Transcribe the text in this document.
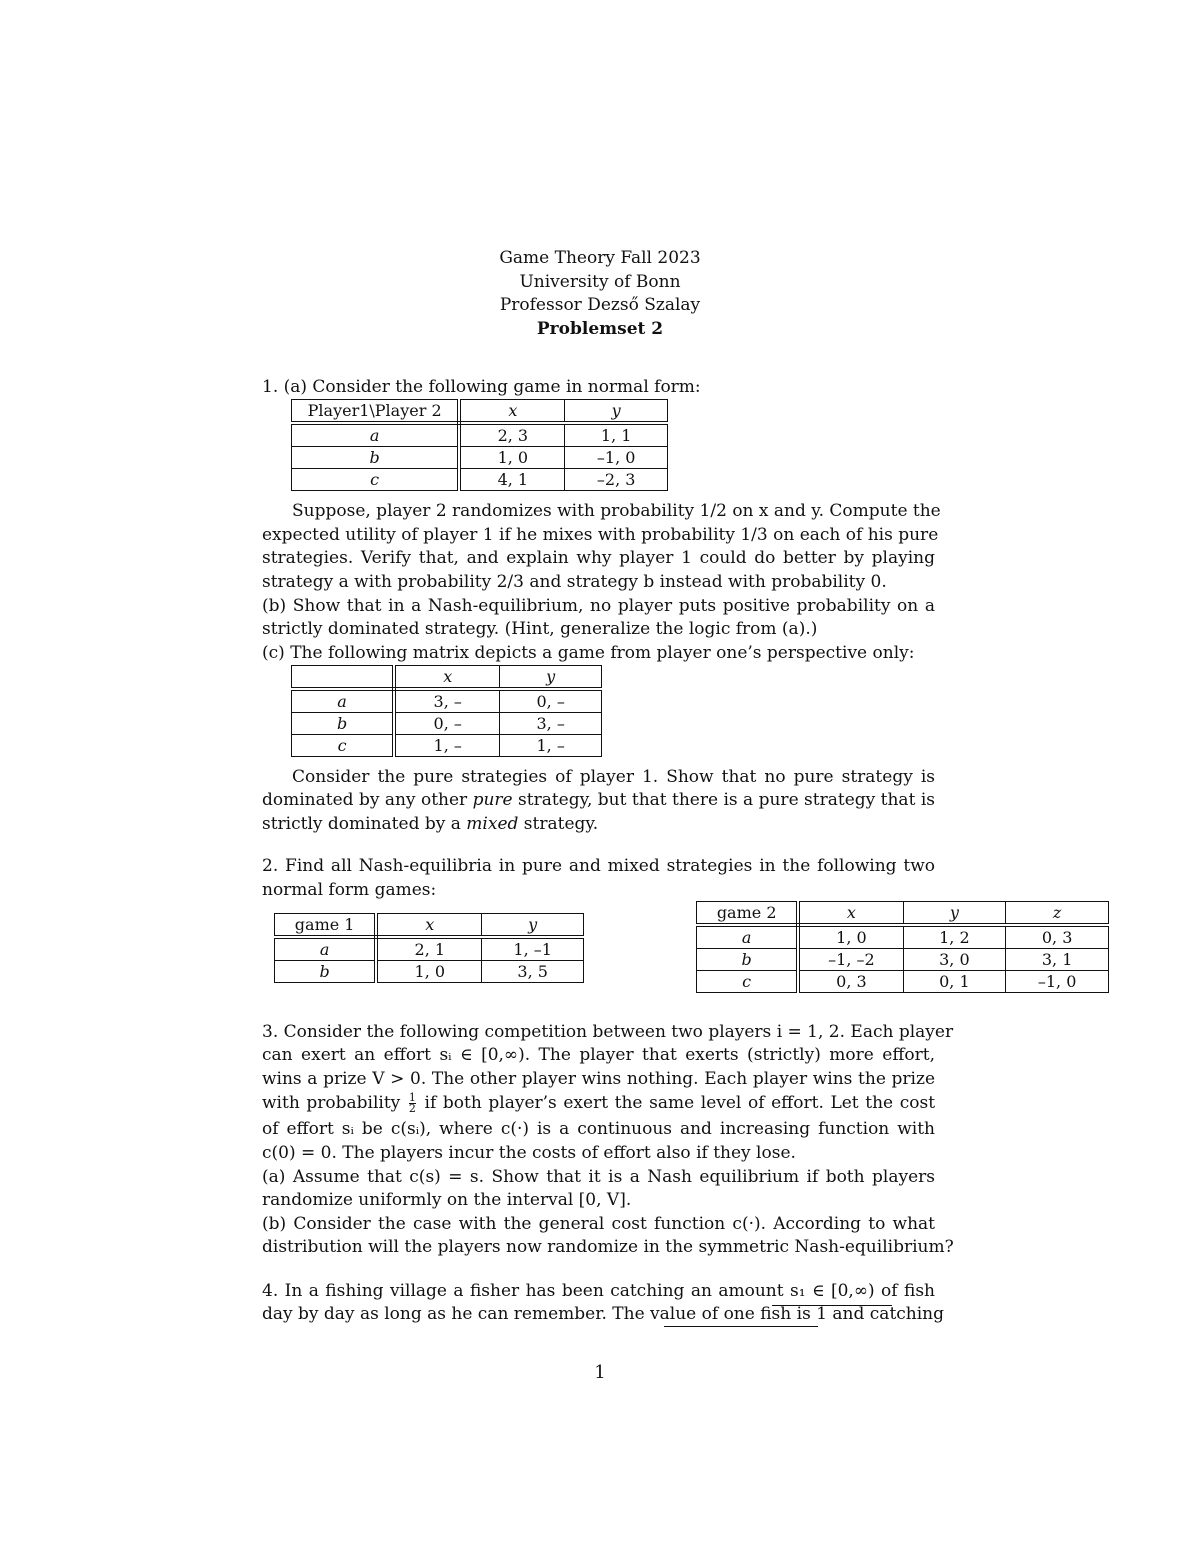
Game Theory Fall 2023
University of Bonn
Professor Dezső Szalay
Problemset 2
1. (a) Consider the following game in normal form:
Player1\Player 2	x	y
a	2, 3	1, 1
b	1, 0	–1, 0
c	4, 1	–2, 3
Suppose, player 2 randomizes with probability 1/2 on x and y. Compute the
expected utility of player 1 if he mixes with probability 1/3 on each of his pure
strategies. Verify that, and explain why player 1 could do better by playing
strategy a with probability 2/3 and strategy b instead with probability 0.
(b) Show that in a Nash-equilibrium, no player puts positive probability on a
strictly dominated strategy. (Hint, generalize the logic from (a).)
(c) The following matrix depicts a game from player one’s perspective only:
	x	y
a	3, –	0, –
b	0, –	3, –
c	1, –	1, –
Consider the pure strategies of player 1. Show that no pure strategy is
dominated by any other pure strategy, but that there is a pure strategy that is
strictly dominated by a mixed strategy.
2. Find all Nash-equilibria in pure and mixed strategies in the following two
normal form games:
game 1	x	y
a	2, 1	1, –1
b	1, 0	3, 5
game 2	x	y	z
a	1, 0	1, 2	0, 3
b	–1, –2	3, 0	3, 1
c	0, 3	0, 1	–1, 0
3. Consider the following competition between two players i = 1, 2. Each player
can exert an effort sᵢ ∈ [0,∞). The player that exerts (strictly) more effort,
wins a prize V > 0. The other player wins nothing. Each player wins the prize
with probability $\frac{1}{2}$ if both player’s exert the same level of effort. Let the cost
of effort sᵢ be c(sᵢ), where c(·) is a continuous and increasing function with
c(0) = 0. The players incur the costs of effort also if they lose.
(a) Assume that c(s) = s. Show that it is a Nash equilibrium if both players
randomize uniformly on the interval [0, V].
(b) Consider the case with the general cost function c(·). According to what
distribution will the players now randomize in the symmetric Nash-equilibrium?
4. In a fishing village a fisher has been catching an amount s₁ ∈ [0,∞) of fish
day by day as long as he can remember. The value of one fish is 1 and catching
1
